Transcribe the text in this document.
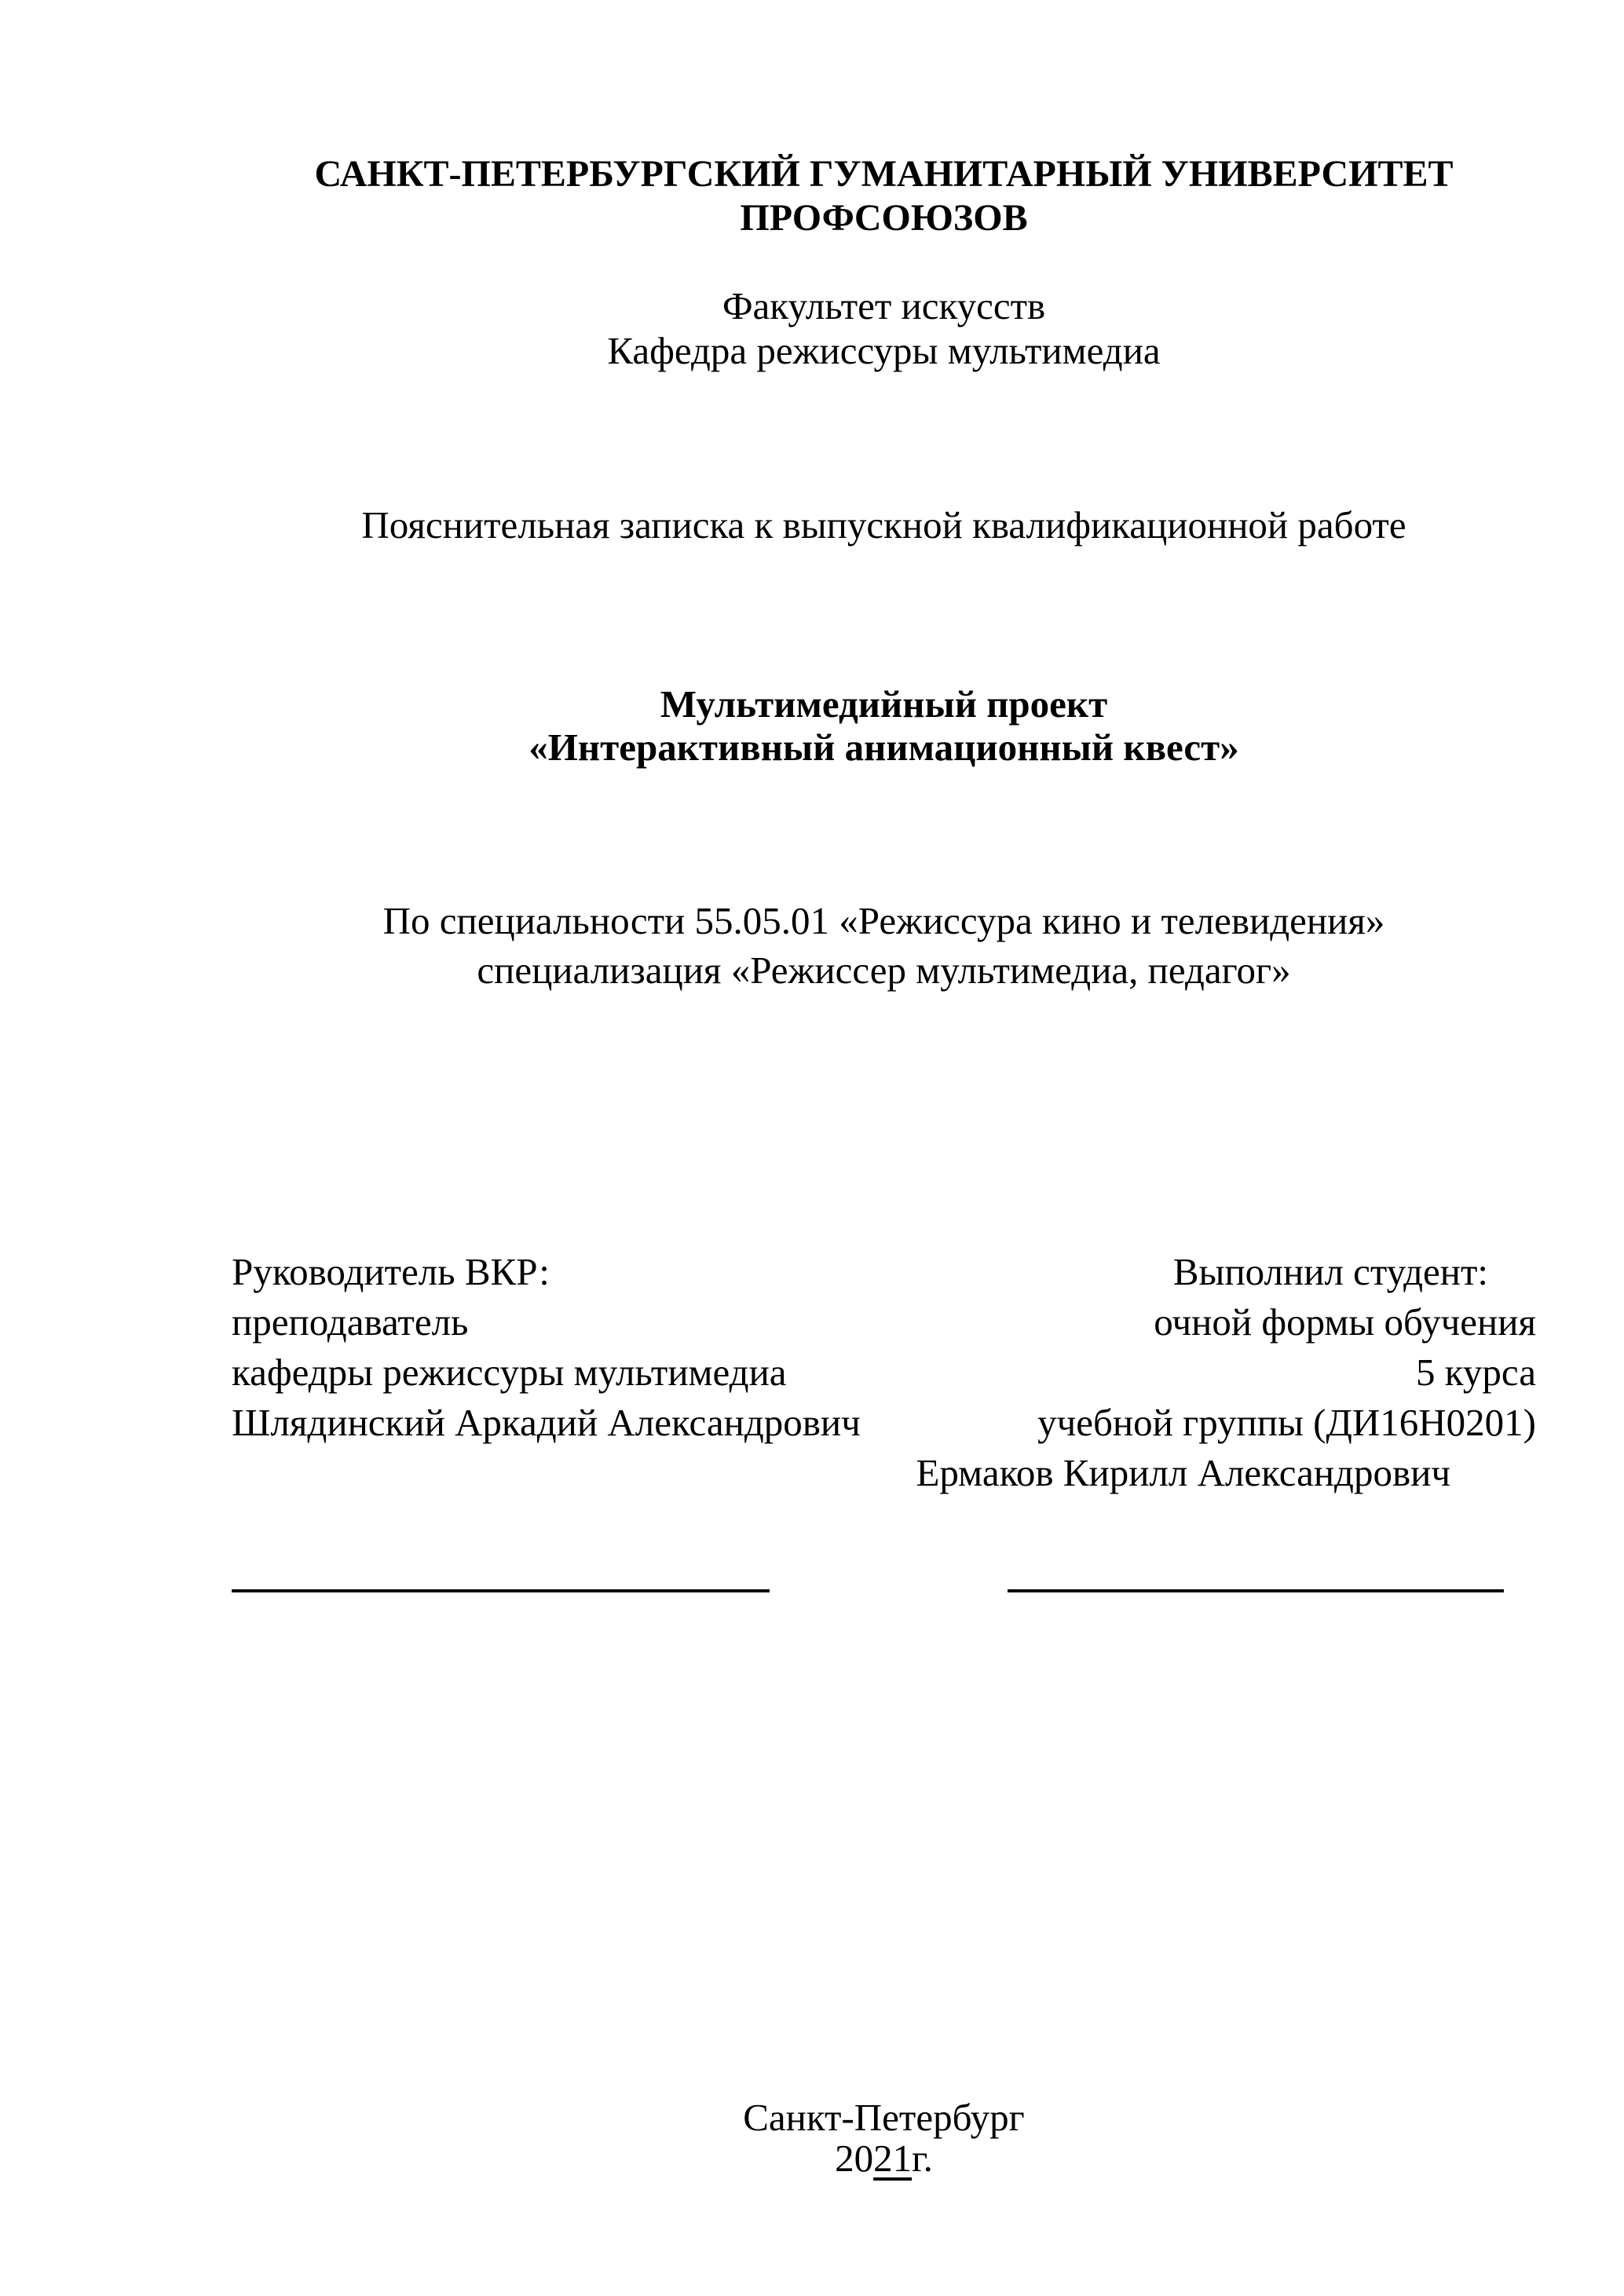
САНКТ-ПЕТЕРБУРГСКИЙ ГУМАНИТАРНЫЙ УНИВЕРСИТЕТ
ПРОФСОЮЗОВ
Факультет искусств
Кафедра режиссуры мультимедиа
Пояснительная записка к выпускной квалификационной работе
Мультимедийный проект
«Интерактивный анимационный квест»
По специальности 55.05.01 «Режиссура кино и телевидения»
специализация «Режиссер мультимедиа, педагог»
Руководитель ВКР:
преподаватель
кафедры режиссуры мультимедиа
Шлядинский Аркадий Александрович
Выполнил студент:
очной формы обучения
5 курса
учебной группы (ДИ16Н0201)
Ермаков Кирилл Александрович
Санкт-Петербург
2021г.
